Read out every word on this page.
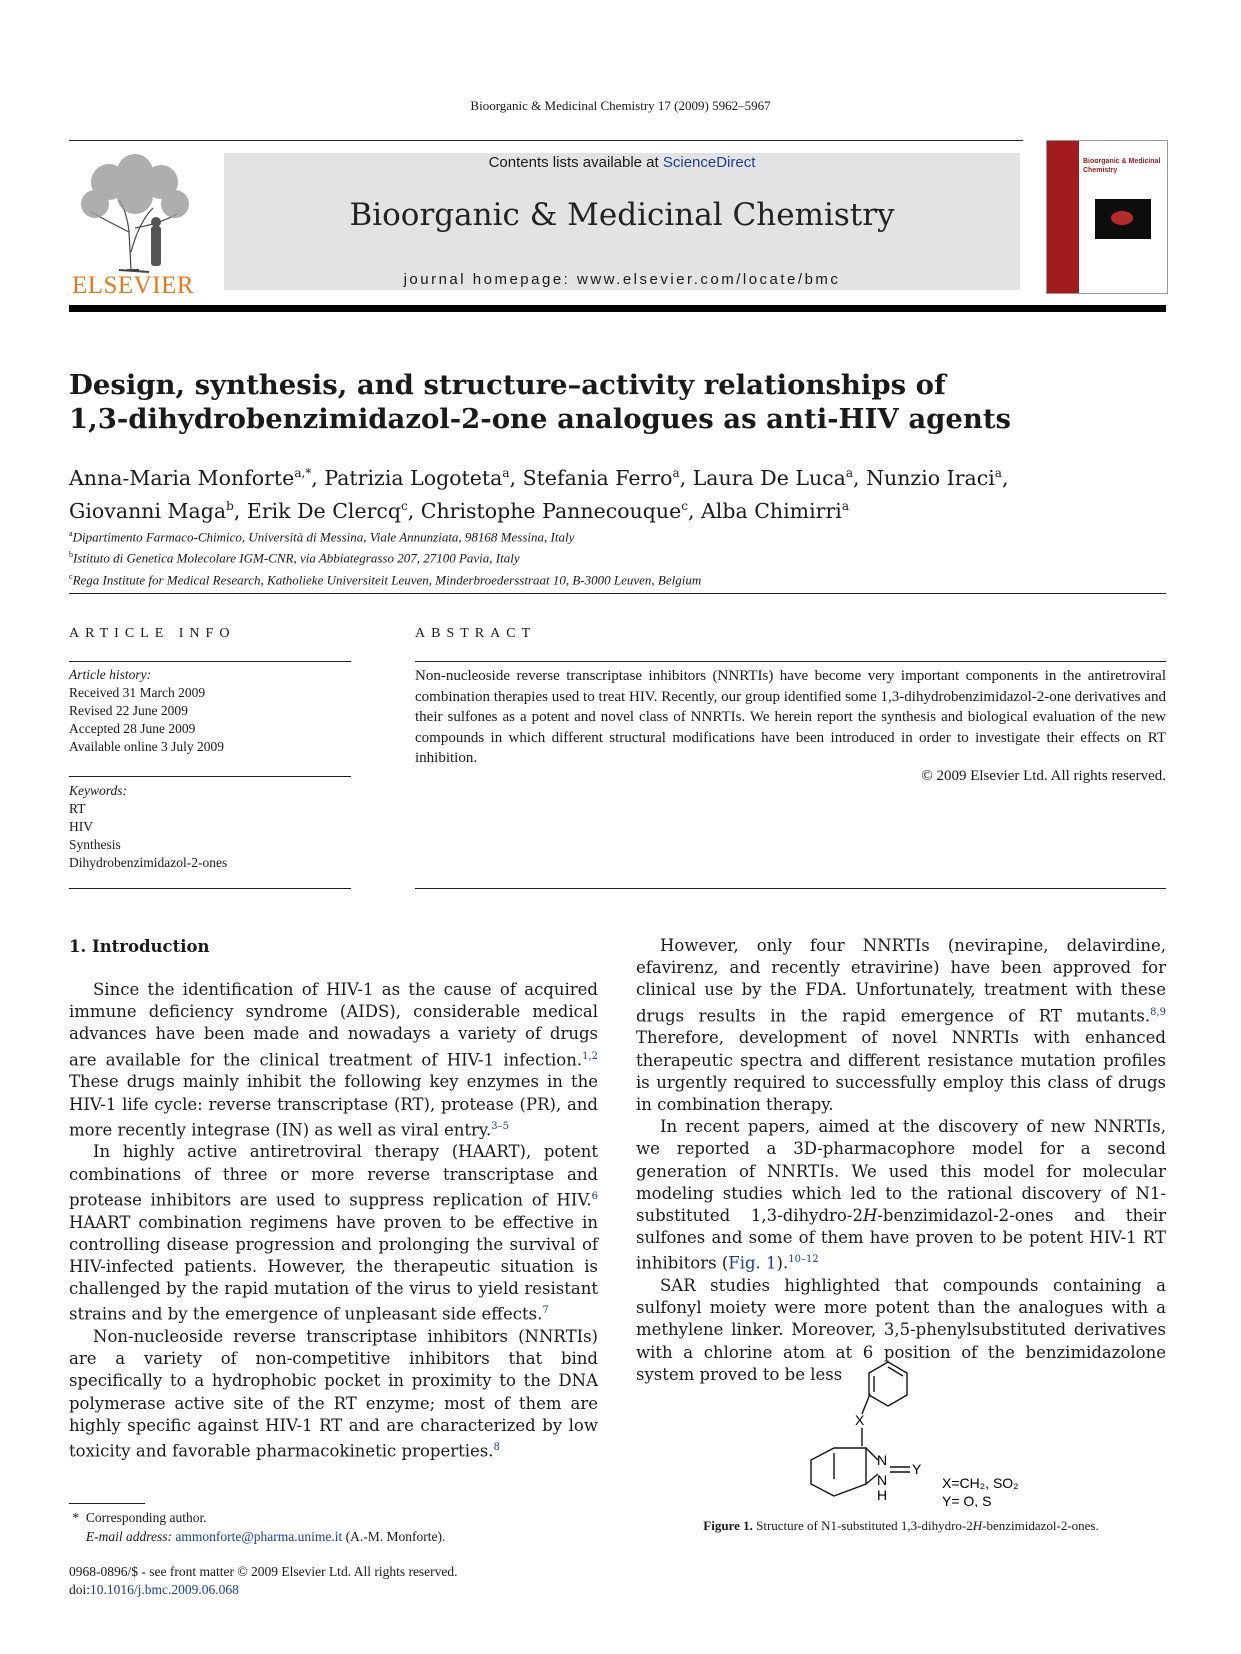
Bioorganic & Medicinal Chemistry 17 (2009) 5962–5967
ELSEVIER
Contents lists available at ScienceDirect
Bioorganic & Medicinal Chemistry
journal homepage: www.elsevier.com/locate/bmc
Bioorganic & Medicinal Chemistry
Design, synthesis, and structure–activity relationships of
1,3-dihydrobenzimidazol-2-one analogues as anti-HIV agents
Anna-Maria Monforte$^{a,*}$, Patrizia Logoteta$^a$, Stefania Ferro$^a$, Laura De Luca$^a$, Nunzio Iraci$^a$,
Giovanni Maga$^b$, Erik De Clercq$^c$, Christophe Pannecouque$^c$, Alba Chimirri$^a$
$^a$Dipartimento Farmaco-Chimico, Università di Messina, Viale Annunziata, 98168 Messina, Italy
$^b$Istituto di Genetica Molecolare IGM-CNR, via Abbiategrasso 207, 27100 Pavia, Italy
$^c$Rega Institute for Medical Research, Katholieke Universiteit Leuven, Minderbroedersstraat 10, B-3000 Leuven, Belgium
ARTICLE INFO	ABSTRACT
Article history:
Received 31 March 2009
Revised 22 June 2009
Accepted 28 June 2009
Available online 3 July 2009
Keywords:
RT
HIV
Synthesis
Dihydrobenzimidazol-2-ones
Non-nucleoside reverse transcriptase inhibitors (NNRTIs) have become very important components in the antiretroviral combination therapies used to treat HIV. Recently, our group identified some 1,3-dihydrobenzimidazol-2-one derivatives and their sulfones as a potent and novel class of NNRTIs. We herein report the synthesis and biological evaluation of the new compounds in which different structural modifications have been introduced in order to investigate their effects on RT inhibition.
© 2009 Elsevier Ltd. All rights reserved.
1. Introduction

Since the identification of HIV-1 as the cause of acquired immune deficiency syndrome (AIDS), considerable medical advances have been made and nowadays a variety of drugs are available for the clinical treatment of HIV-1 infection.$^{1,2}$ These drugs mainly inhibit the following key enzymes in the HIV-1 life cycle: reverse transcriptase (RT), protease (PR), and more recently integrase (IN) as well as viral entry.$^{3-5}$

In highly active antiretroviral therapy (HAART), potent combinations of three or more reverse transcriptase and protease inhibitors are used to suppress replication of HIV.$^6$ HAART combination regimens have proven to be effective in controlling disease progression and prolonging the survival of HIV-infected patients. However, the therapeutic situation is challenged by the rapid mutation of the virus to yield resistant strains and by the emergence of unpleasant side effects.$^7$

Non-nucleoside reverse transcriptase inhibitors (NNRTIs) are a variety of non-competitive inhibitors that bind specifically to a hydrophobic pocket in proximity to the DNA polymerase active site of the RT enzyme; most of them are highly specific against HIV-1 RT and are characterized by low toxicity and favorable pharmacokinetic properties.$^8$

However, only four NNRTIs (nevirapine, delavirdine, efavirenz, and recently etravirine) have been approved for clinical use by the FDA. Unfortunately, treatment with these drugs results in the rapid emergence of RT mutants.$^{8,9}$ Therefore, development of novel NNRTIs with enhanced therapeutic spectra and different resistance mutation profiles is urgently required to successfully employ this class of drugs in combination therapy.

In recent papers, aimed at the discovery of new NNRTIs, we reported a 3D-pharmacophore model for a second generation of NNRTIs. We used this model for molecular modeling studies which led to the rational discovery of N1-substituted 1,3-dihydro-2H-benzimidazol-2-ones and their sulfones and some of them have proven to be potent HIV-1 RT inhibitors (Fig. 1).$^{10-12}$

SAR studies highlighted that compounds containing a sulfonyl moiety were more potent than the analogues with a methylene linker. Moreover, 3,5-phenylsubstituted derivatives with a chlorine atom at 6 position of the benzimidazolone system proved to be less

X
N
Y
N
H
X=CH₂, SO₂
Y= O, S
Figure 1. Structure of N1-substituted 1,3-dihydro-2H-benzimidazol-2-ones.
* Corresponding author.
E-mail address: ammonforte@pharma.unime.it (A.-M. Monforte).
0968-0896/$ - see front matter © 2009 Elsevier Ltd. All rights reserved.
doi:10.1016/j.bmc.2009.06.068
